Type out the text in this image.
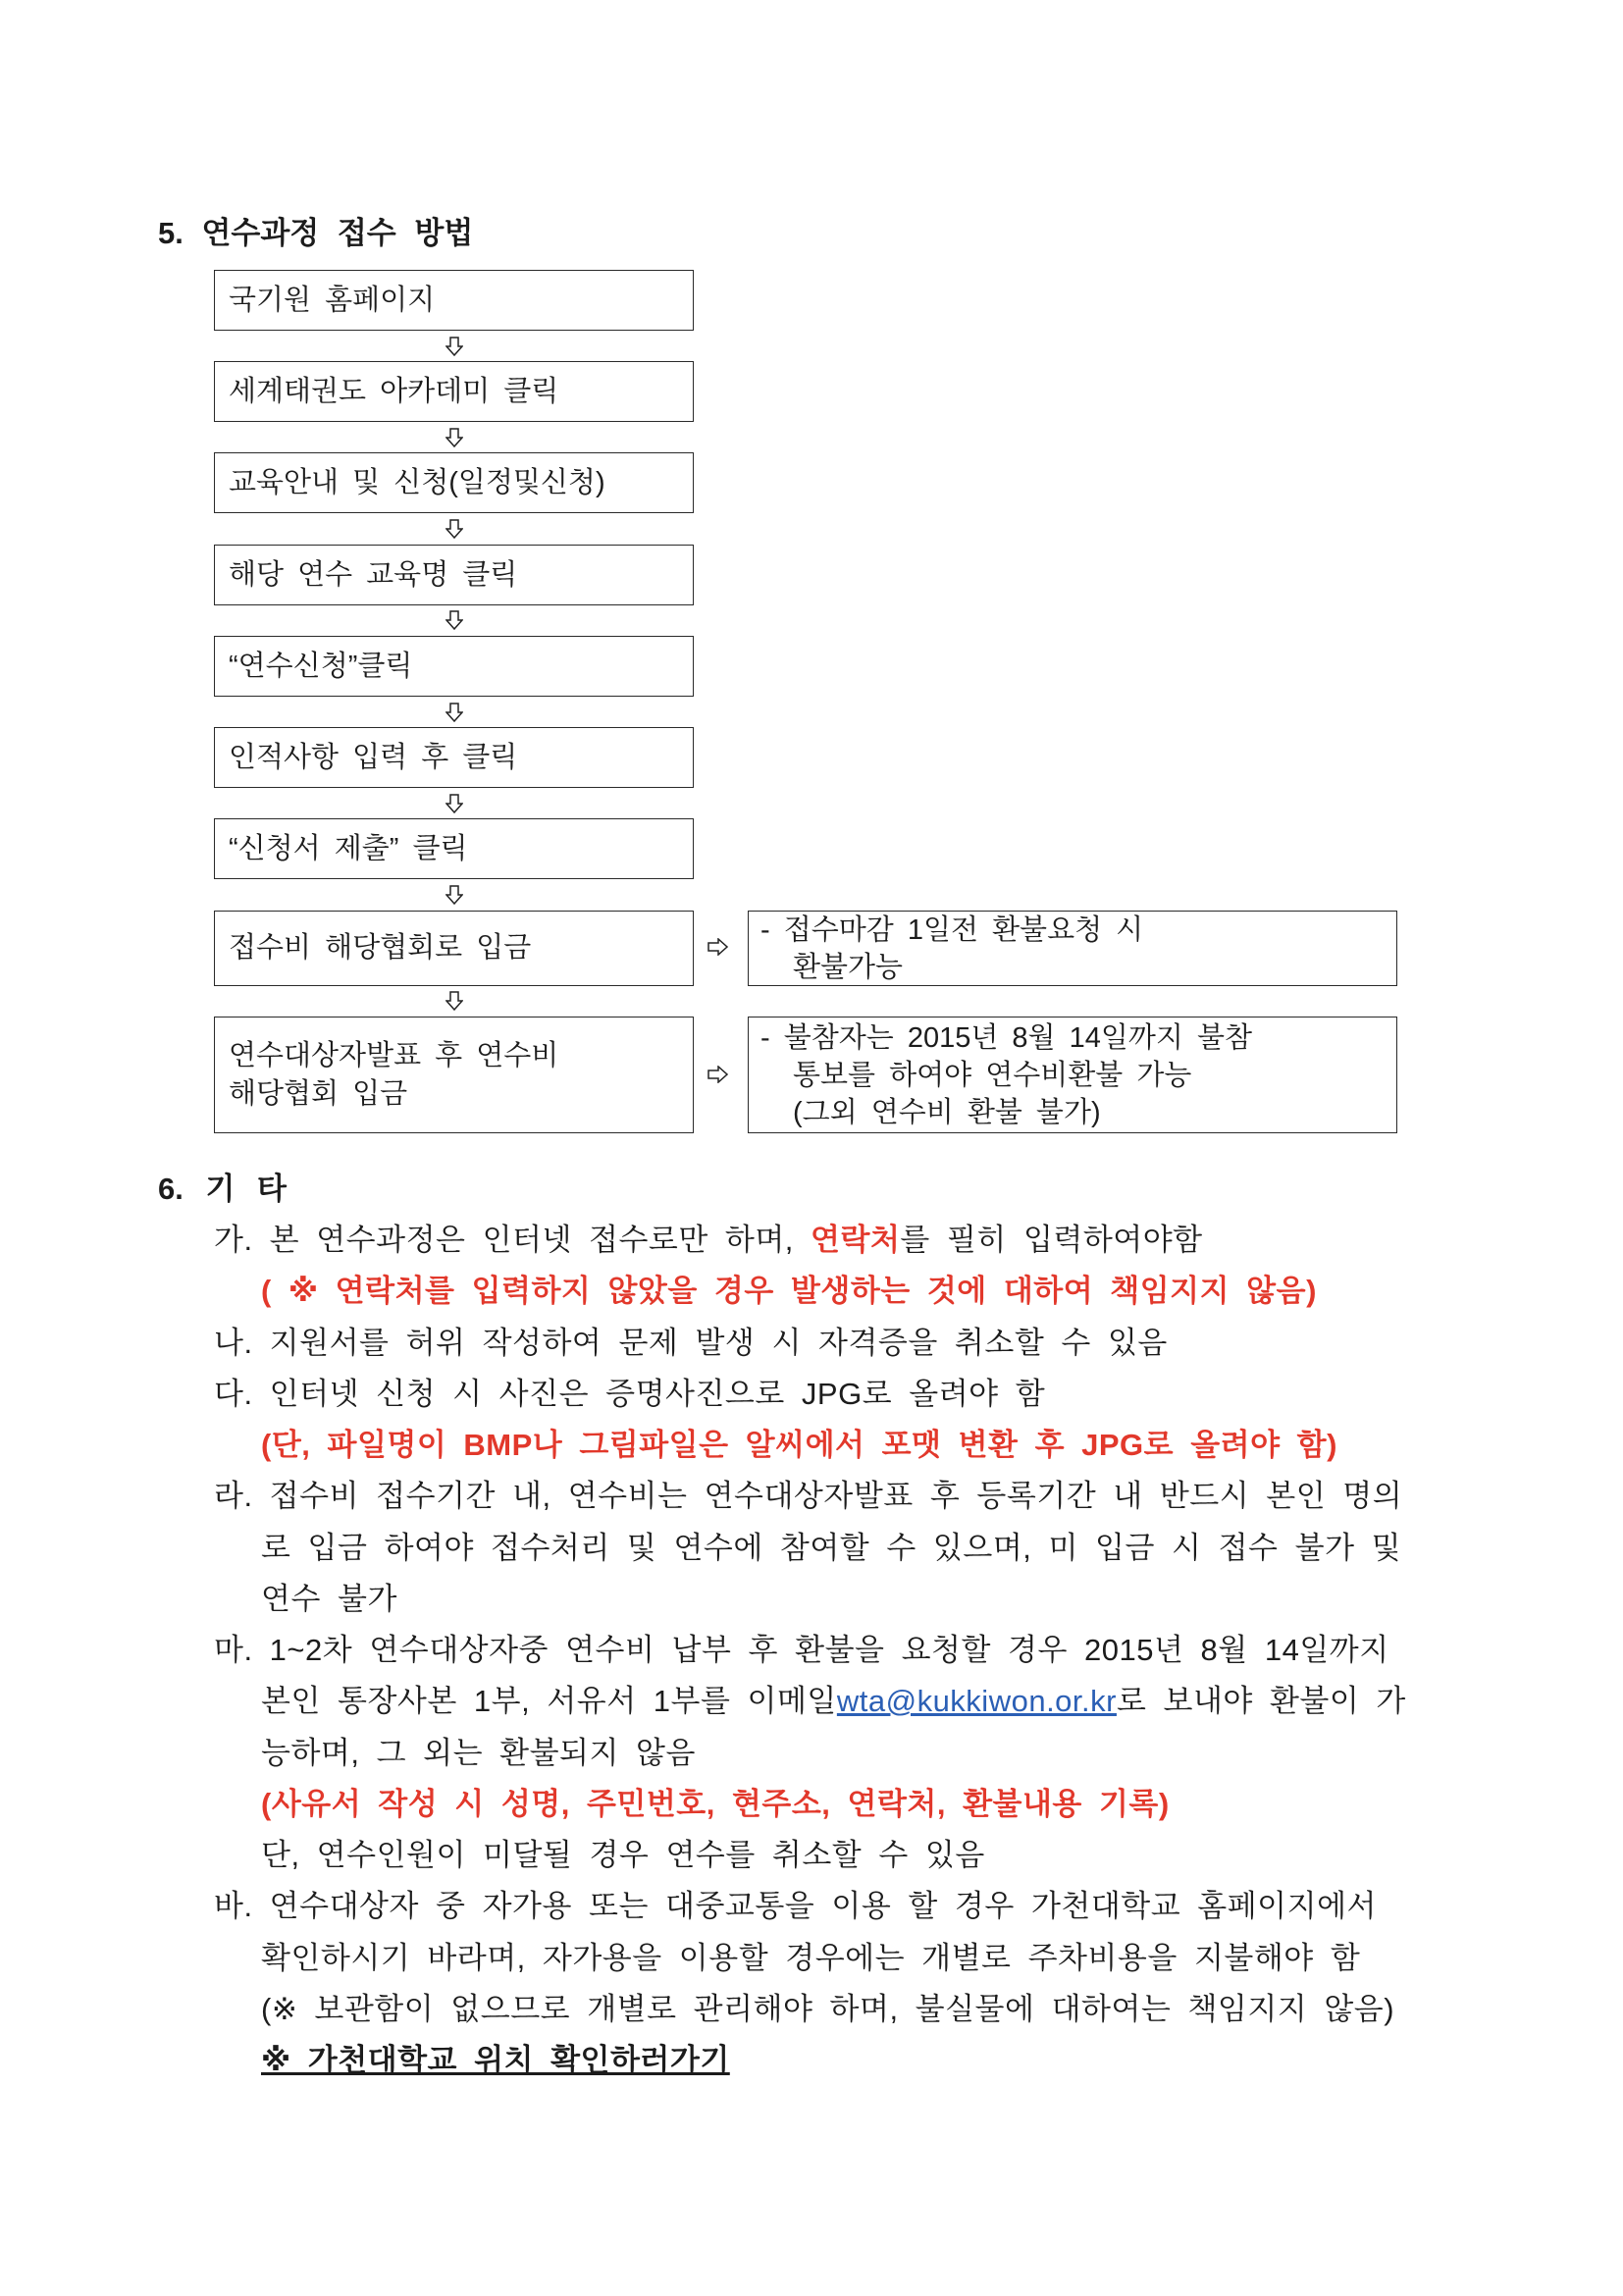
5. 연수과정 접수 방법
국기원 홈페이지
세계태권도 아카데미 클릭
교육안내 및 신청(일정및신청)
해당 연수 교육명 클릭
“연수신청”클릭
인적사항 입력 후 클릭
“신청서 제출” 클릭
접수비 해당협회로 입금
- 접수마감 1일전 환불요청 시
환불가능
연수대상자발표 후 연수비
해당협회 입금
- 불참자는 2015년 8월 14일까지 불참
통보를 하여야 연수비환불 가능
(그외 연수비 환불 불가)
6. 기 타
가. 본 연수과정은 인터넷 접수로만 하며, 연락처를 필히 입력하여야함
( ※ 연락처를 입력하지 않았을 경우 발생하는 것에 대하여 책임지지 않음)
나. 지원서를 허위 작성하여 문제 발생 시 자격증을 취소할 수 있음
다. 인터넷 신청 시 사진은 증명사진으로 JPG로 올려야 함
(단, 파일명이 BMP나 그림파일은 알씨에서 포맷 변환 후 JPG로 올려야 함)
라. 접수비 접수기간 내, 연수비는 연수대상자발표 후 등록기간 내 반드시 본인 명의
로 입금 하여야 접수처리 및 연수에 참여할 수 있으며, 미 입금 시 접수 불가 및
연수 불가
마. 1~2차 연수대상자중 연수비 납부 후 환불을 요청할 경우 2015년 8월 14일까지
본인 통장사본 1부, 서유서 1부를 이메일wta@kukkiwon.or.kr로 보내야 환불이 가
능하며, 그 외는 환불되지 않음
(사유서 작성 시 성명, 주민번호, 현주소, 연락처, 환불내용 기록)
단, 연수인원이 미달될 경우 연수를 취소할 수 있음
바. 연수대상자 중 자가용 또는 대중교통을 이용 할 경우 가천대학교 홈페이지에서
확인하시기 바라며, 자가용을 이용할 경우에는 개별로 주차비용을 지불해야 함
(※ 보관함이 없으므로 개별로 관리해야 하며, 불실물에 대하여는 책임지지 않음)
※ 가천대학교 위치 확인하러가기
